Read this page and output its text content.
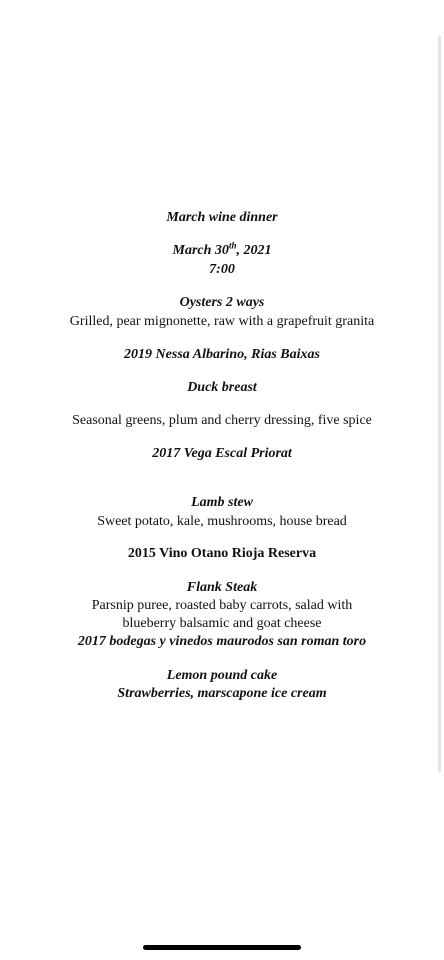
March wine dinner
March 30th, 2021
7:00
Oysters 2 ways
Grilled, pear mignonette, raw with a grapefruit granita
2019 Nessa Albarino, Rias Baixas
Duck breast
Seasonal greens, plum and cherry dressing, five spice
2017 Vega Escal Priorat
Lamb stew
Sweet potato, kale, mushrooms, house bread
2015 Vino Otano Rioja Reserva
Flank Steak
Parsnip puree, roasted baby carrots, salad with
blueberry balsamic and goat cheese
2017 bodegas y vinedos maurodos san roman toro
Lemon pound cake
Strawberries, marscapone ice cream
